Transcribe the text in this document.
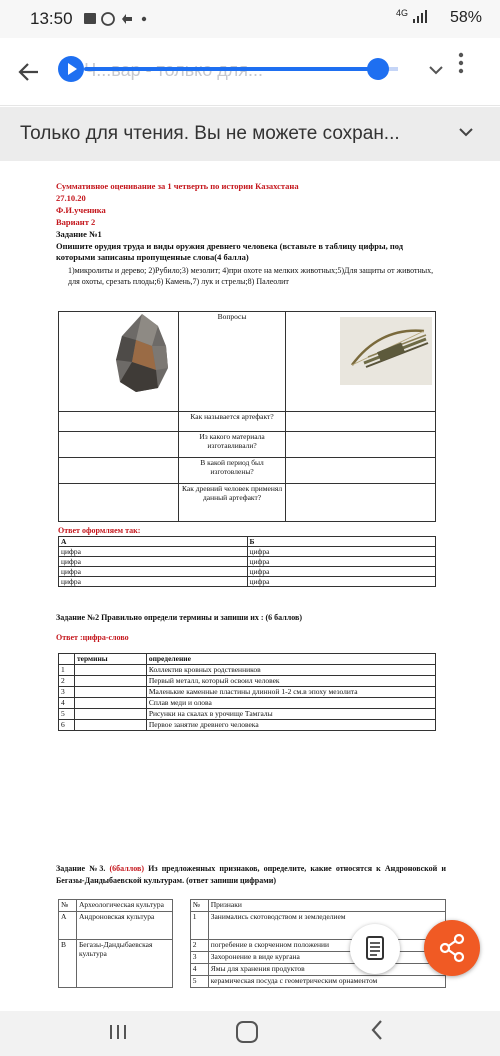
13:50	4G	58%
Только для чтения. Вы не можете сохран...
Суммативное оценивание за 1 четверть по истории Казахстана
27.10.20
Ф.И.ученика
Вариант 2
Задание №1
Опишите орудия труда и виды оружия древнего человека (вставьте в таблицу цифры, под которыми записаны пропущенные слова(4 балла)
1)микролиты и дерево; 2)Рубило;3) мезолит; 4)при охоте на мелких животных;5)Для защиты от животных, для охоты, срезать плоды;6) Камень,7) лук и стрелы;8) Палеолит
	Вопросы	
	Как называется артефакт?	
	Из какого материала изготавливали?	
	В какой период был изготовлены?	
	Как древний человек применял данный артефакт?	
Ответ оформляем так:
А	Б
цифра	цифра
цифра	цифра
цифра	цифра
цифра	цифра
Задание №2 Правильно определи термины и запиши их : (6 баллов)
Ответ :цифра-слово
	термины	определение
1		Коллектив кровных родственников
2		Первый металл, который освоил человек
3		Маленькие каменные пластины длинной 1-2 см.в эпоху мезолита
4		Сплав меди и олова
5		Рисунки на скалах в урочище Тамгалы
6		Первое занятие древнего человека
Задание №3. (6баллов) Из предложенных признаков, определите, какие относятся к Андроновской и Бегазы-Дандыбаевской культурам. (ответ запиши цифрами)
№	Археологическая культура		№	Признаки
А	Андроновская культура		1	Занимались скотоводством и земледелием
В	Бегазы-Дандыбаевская культура		2	погребение в скорченном положении
			3	Захоронение в виде кургана
			4	Ямы для хранения продуктов
			5	керамическая посуда с геометрическим орнаментом
